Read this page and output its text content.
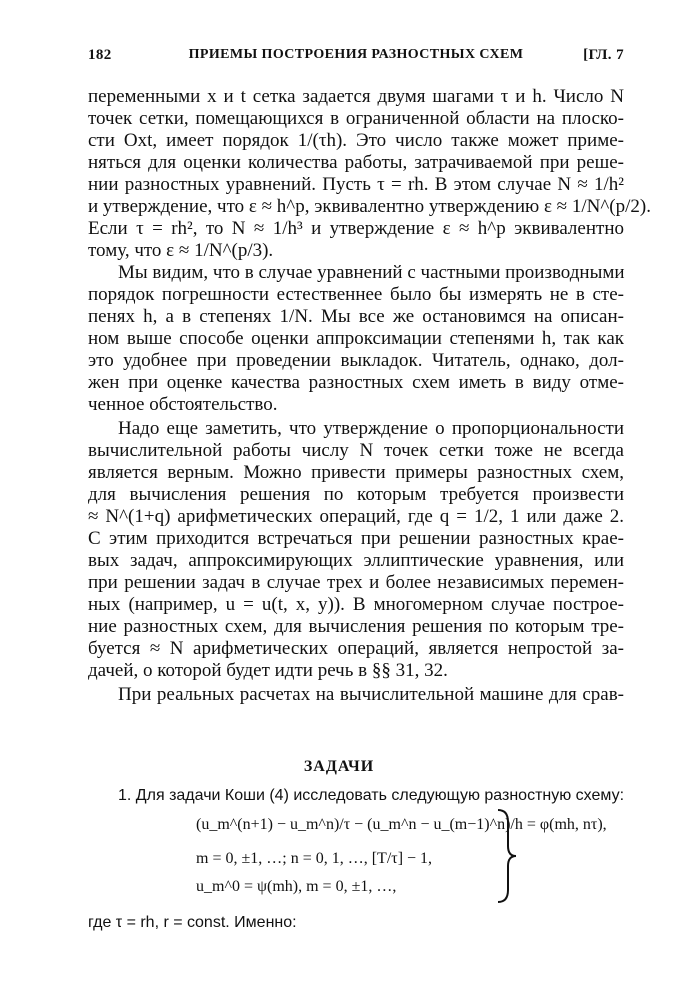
182	ПРИЕМЫ ПОСТРОЕНИЯ РАЗНОСТНЫХ СХЕМ	[ГЛ. 7
переменными x и t сетка задается двумя шагами τ и h. Число N
точек сетки, помещающихся в ограниченной области на плоско-
сти Oxt, имеет порядок 1/(τh). Это число также может приме-
няться для оценки количества работы, затрачиваемой при реше-
нии разностных уравнений. Пусть τ = rh. В этом случае N ≈ 1/h²
и утверждение, что ε ≈ h^p, эквивалентно утверждению ε ≈ 1/N^(p/2).
Если τ = rh², то N ≈ 1/h³ и утверждение ε ≈ h^p эквивалентно
тому, что ε ≈ 1/N^(p/3).
Мы видим, что в случае уравнений с частными производными
порядок погрешности естественнее было бы измерять не в сте-
пенях h, а в степенях 1/N. Мы все же остановимся на описан-
ном выше способе оценки аппроксимации степенями h, так как
это удобнее при проведении выкладок. Читатель, однако, дол-
жен при оценке качества разностных схем иметь в виду отме-
ченное обстоятельство.
Надо еще заметить, что утверждение о пропорциональности
вычислительной работы числу N точек сетки тоже не всегда
является верным. Можно привести примеры разностных схем,
для вычисления решения по которым требуется произвести
≈ N^(1+q) арифметических операций, где q = 1/2, 1 или даже 2.
С этим приходится встречаться при решении разностных крае-
вых задач, аппроксимирующих эллиптические уравнения, или
при решении задач в случае трех и более независимых перемен-
ных (например, u = u(t, x, y)). В многомерном случае построе-
ние разностных схем, для вычисления решения по которым тре-
буется ≈ N арифметических операций, является непростой за-
дачей, о которой будет идти речь в §§ 31, 32.
При реальных расчетах на вычислительной машине для срав-
ЗАДАЧИ
1. Для задачи Коши (4) исследовать следующую разностную схему:
(u_m^(n+1) − u_m^n)/τ − (u_m^n − u_(m−1)^n)/h = φ(mh, nτ),
m = 0, ±1, …; n = 0, 1, …, [T/τ] − 1,
u_m^0 = ψ(mh), m = 0, ±1, …,
где τ = rh, r = const. Именно:
